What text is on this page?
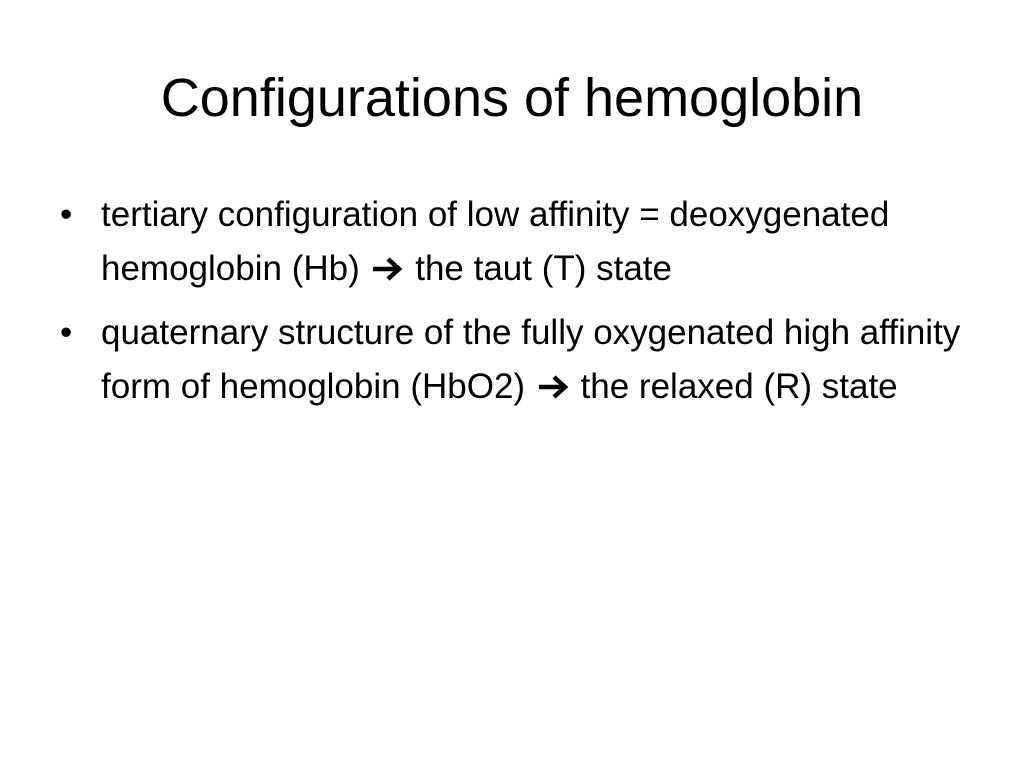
Configurations of hemoglobin
• tertiary configuration of low affinity = deoxygenated hemoglobin (Hb) the taut (T) state
• quaternary structure of the fully oxygenated high affinity form of hemoglobin (HbO2) the relaxed (R) state
